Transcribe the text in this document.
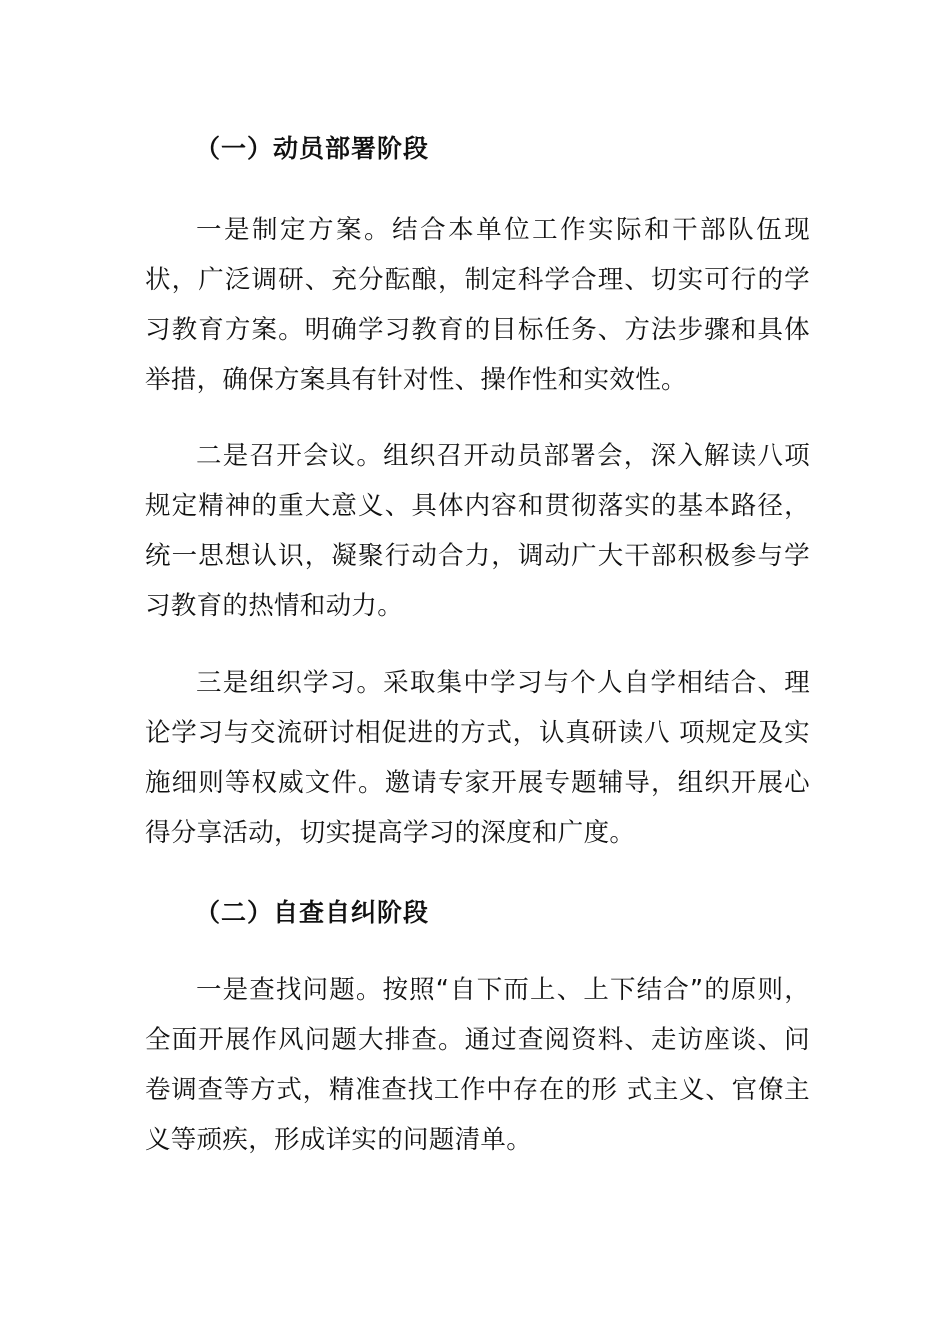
（一）动员部署阶段
一是制定方案。结合本单位工作实际和干部队伍现状，广泛调研、充分酝酿，制定科学合理、切实可行的学习教育方案。明确学习教育的目标任务、方法步骤和具体举措，确保方案具有针对性、操作性和实效性。
二是召开会议。组织召开动员部署会，深入解读八项规定精神的重大意义、具体内容和贯彻落实的基本路径，统一思想认识，凝聚行动合力，调动广大干部积极参与学习教育的热情和动力。
三是组织学习。采取集中学习与个人自学相结合、理论学习与交流研讨相促进的方式，认真研读八 项规定及实施细则等权威文件。邀请专家开展专题辅导，组织开展心得分享活动，切实提高学习的深度和广度。
（二）自查自纠阶段
一是查找问题。按照“自下而上、上下结合”的原则，全面开展作风问题大排查。通过查阅资料、走访座谈、问卷调查等方式，精准查找工作中存在的形 式主义、官僚主义等顽疾，形成详实的问题清单。
